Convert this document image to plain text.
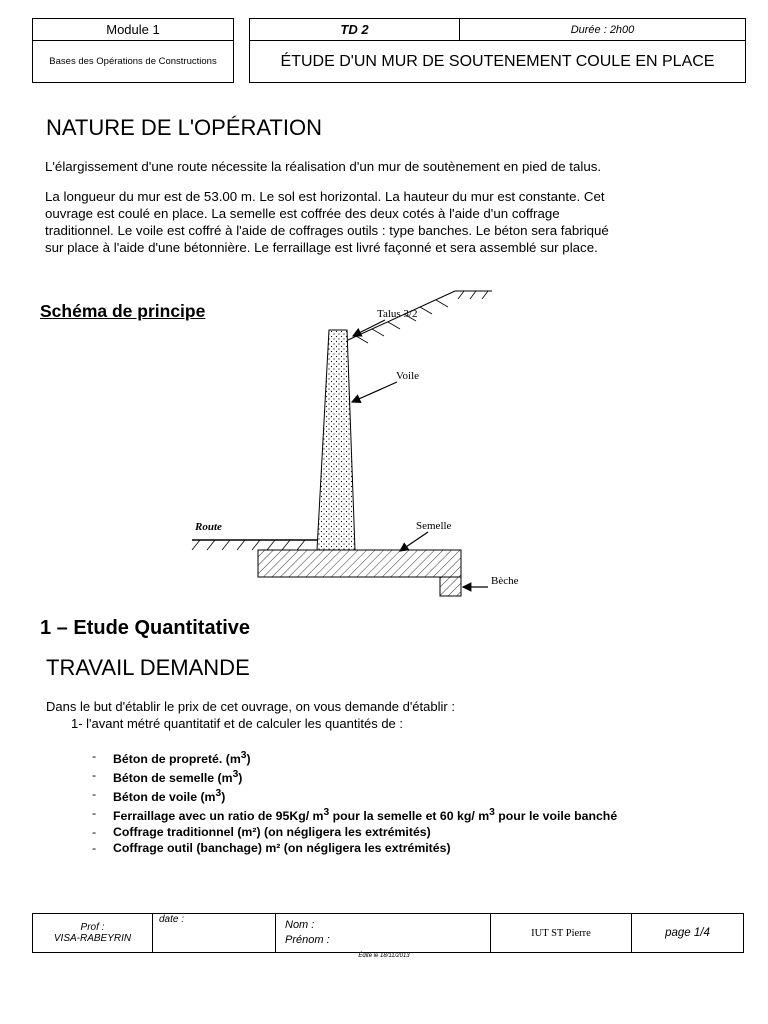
Module 1
Bases des Opérations de Constructions
TD 2	Durée : 2h00
ÉTUDE D'UN MUR DE SOUTENEMENT COULE EN PLACE
NATURE DE L'OPÉRATION
L'élargissement d'une route nécessite la réalisation d'un mur de soutènement en pied de talus.
La longueur du mur est de 53.00 m. Le sol est horizontal. La hauteur du mur est constante. Cet
ouvrage est coulé en place. La semelle est coffrée des deux cotés à l'aide d'un coffrage
traditionnel. Le voile est coffré à l'aide de coffrages outils : type banches. Le béton sera fabriqué
sur place à l'aide d'une bétonnière. Le ferraillage est livré façonné et sera assemblé sur place.
Schéma de principe	Talus 3/2
Voile
Route	Semelle
Bèche
1 – Etude Quantitative
TRAVAIL DEMANDE
Dans le but d'établir le prix de cet ouvrage, on vous demande d'établir :
1- l'avant métré quantitatif et de calculer les quantités de :
- Béton de propreté. $(m^3)$
- Béton de semelle $(m^3)$
- Béton de voile $(m^3)$
- Ferraillage avec un ratio de 95Kg/ $m^3$ pour la semelle et 60 kg/ $m^3$ pour le voile banché
- Coffrage traditionnel (m²) (on négligera les extrémités)
- Coffrage outil (banchage) m² (on négligera les extrémités)
Prof :
VISA-RABEYRIN
date :	Nom :
Prénom :
IUT ST Pierre	page 1/4
Édité le 18/11/2013
